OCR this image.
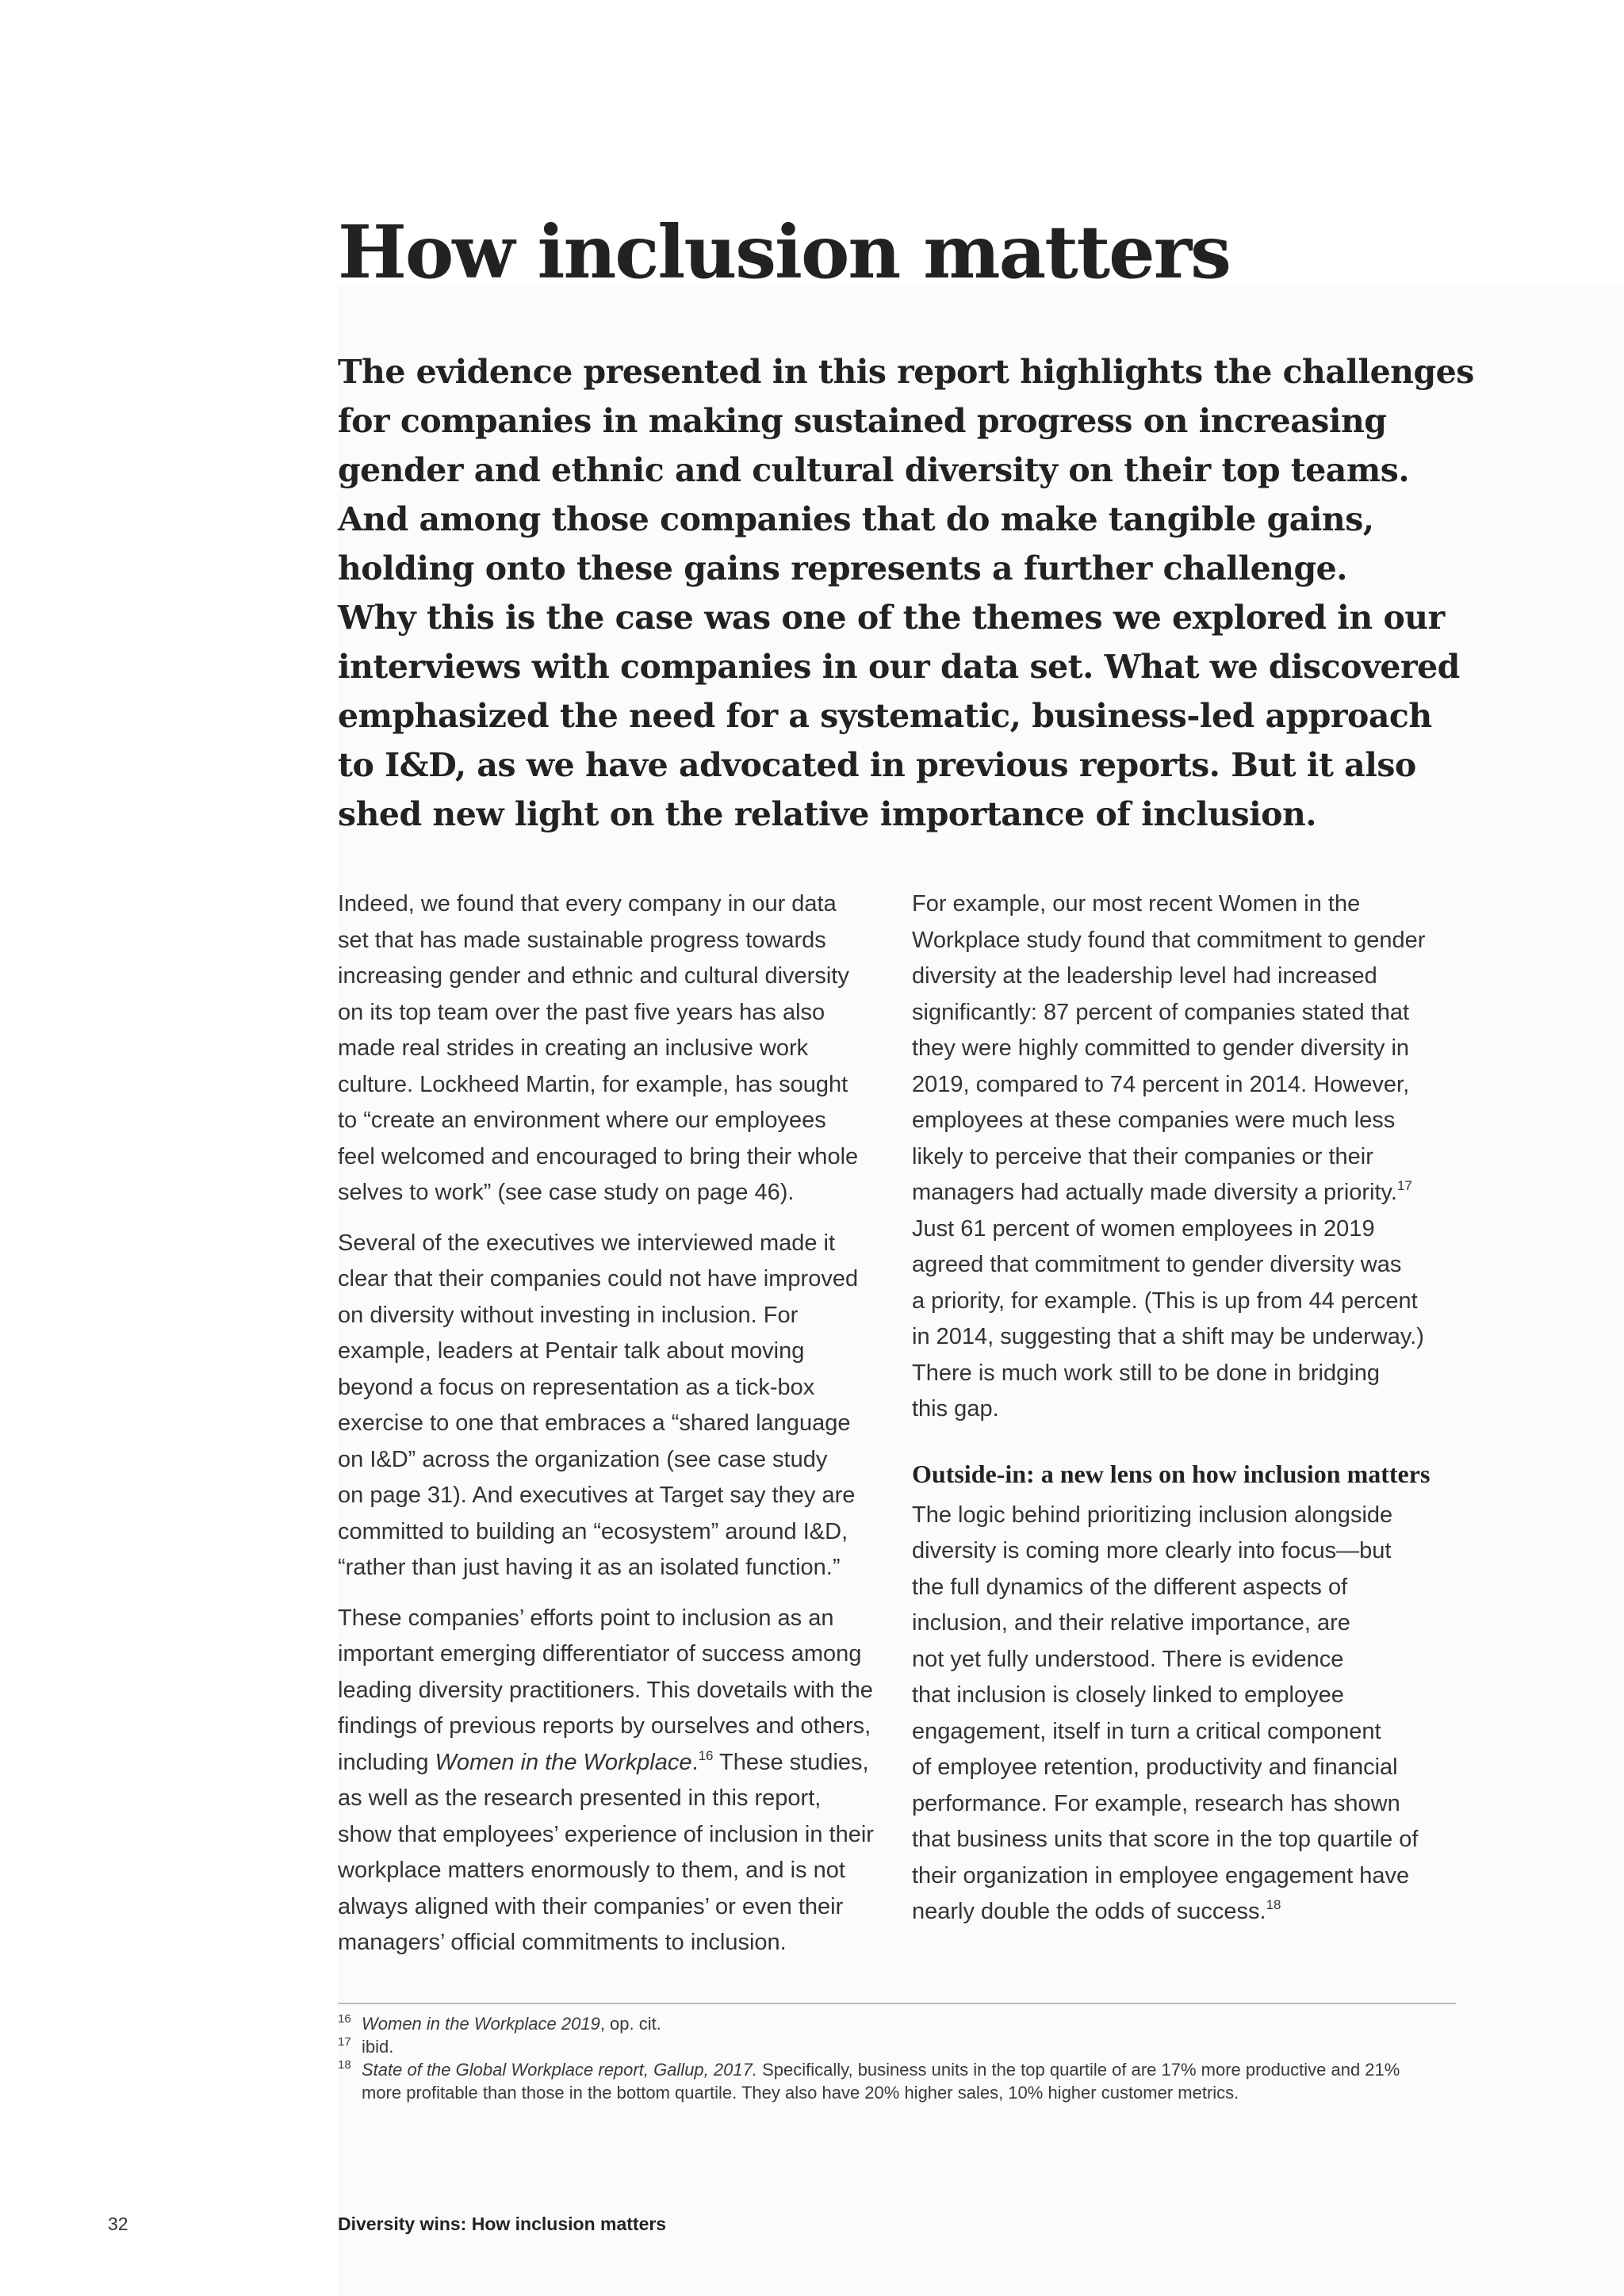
How inclusion matters
The evidence presented in this report highlights the challenges
for companies in making sustained progress on increasing
gender and ethnic and cultural diversity on their top teams.
And among those companies that do make tangible gains,
holding onto these gains represents a further challenge.
Why this is the case was one of the themes we explored in our
interviews with companies in our data set. What we discovered
emphasized the need for a systematic, business-led approach
to I&D, as we have advocated in previous reports. But it also
shed new light on the relative importance of inclusion.

Indeed, we found that every company in our data
set that has made sustainable progress towards
increasing gender and ethnic and cultural diversity
on its top team over the past five years has also
made real strides in creating an inclusive work
culture. Lockheed Martin, for example, has sought
to “create an environment where our employees
feel welcomed and encouraged to bring their whole
selves to work” (see case study on page 46).

Several of the executives we interviewed made it
clear that their companies could not have improved
on diversity without investing in inclusion. For
example, leaders at Pentair talk about moving
beyond a focus on representation as a tick-box
exercise to one that embraces a “shared language
on I&D” across the organization (see case study
on page 31). And executives at Target say they are
committed to building an “ecosystem” around I&D,
“rather than just having it as an isolated function.”

These companies’ efforts point to inclusion as an
important emerging differentiator of success among
leading diversity practitioners. This dovetails with the
findings of previous reports by ourselves and others,
including Women in the Workplace.$^{16}$ These studies,
as well as the research presented in this report,
show that employees’ experience of inclusion in their
workplace matters enormously to them, and is not
always aligned with their companies’ or even their
managers’ official commitments to inclusion.

For example, our most recent Women in the
Workplace study found that commitment to gender
diversity at the leadership level had increased
significantly: 87 percent of companies stated that
they were highly committed to gender diversity in
2019, compared to 74 percent in 2014. However,
employees at these companies were much less
likely to perceive that their companies or their
managers had actually made diversity a priority.$^{17}$
Just 61 percent of women employees in 2019
agreed that commitment to gender diversity was
a priority, for example. (This is up from 44 percent
in 2014, suggesting that a shift may be underway.)
There is much work still to be done in bridging
this gap.

Outside-in: a new lens on how inclusion matters

The logic behind prioritizing inclusion alongside
diversity is coming more clearly into focus—but
the full dynamics of the different aspects of
inclusion, and their relative importance, are
not yet fully understood. There is evidence
that inclusion is closely linked to employee
engagement, itself in turn a critical component
of employee retention, productivity and financial
performance. For example, research has shown
that business units that score in the top quartile of
their organization in employee engagement have
nearly double the odds of success.$^{18}$

16 Women in the Workplace 2019, op. cit.
17 ibid.
18 State of the Global Workplace report, Gallup, 2017. Specifically, business units in the top quartile of are 17% more productive and 21%
more profitable than those in the bottom quartile. They also have 20% higher sales, 10% higher customer metrics.
32	Diversity wins: How inclusion matters
